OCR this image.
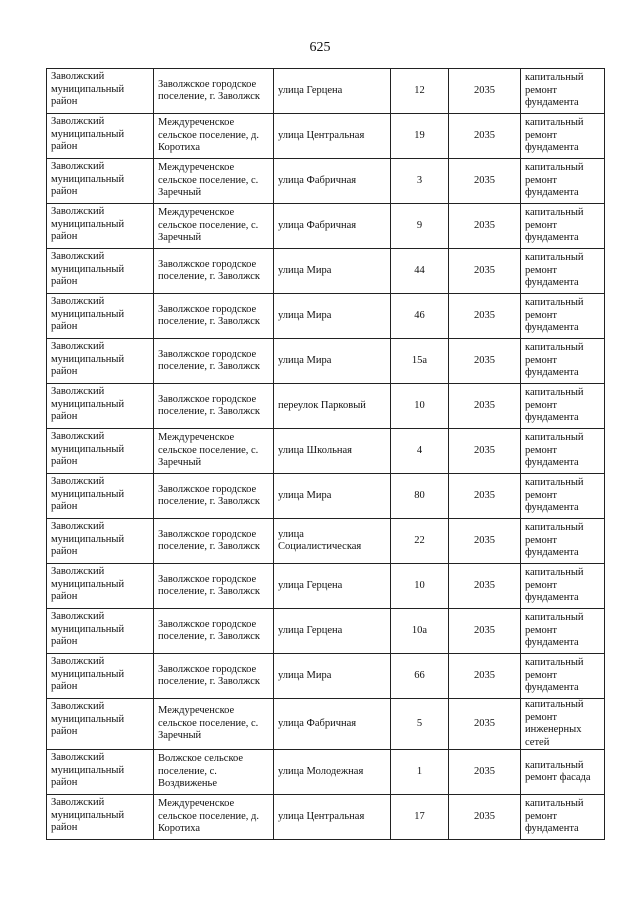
625
Заволжский муниципальный район	Заволжское городское поселение, г. Заволжск	улица Герцена	12	2035	капитальный ремонт фундамента
Заволжский муниципальный район	Междуреченское сельское поселение, д. Коротиха	улица Центральная	19	2035	капитальный ремонт фундамента
Заволжский муниципальный район	Междуреченское сельское поселение, с. Заречный	улица Фабричная	3	2035	капитальный ремонт фундамента
Заволжский муниципальный район	Междуреченское сельское поселение, с. Заречный	улица Фабричная	9	2035	капитальный ремонт фундамента
Заволжский муниципальный район	Заволжское городское поселение, г. Заволжск	улица Мира	44	2035	капитальный ремонт фундамента
Заволжский муниципальный район	Заволжское городское поселение, г. Заволжск	улица Мира	46	2035	капитальный ремонт фундамента
Заволжский муниципальный район	Заволжское городское поселение, г. Заволжск	улица Мира	15а	2035	капитальный ремонт фундамента
Заволжский муниципальный район	Заволжское городское поселение, г. Заволжск	переулок Парковый	10	2035	капитальный ремонт фундамента
Заволжский муниципальный район	Междуреченское сельское поселение, с. Заречный	улица Школьная	4	2035	капитальный ремонт фундамента
Заволжский муниципальный район	Заволжское городское поселение, г. Заволжск	улица Мира	80	2035	капитальный ремонт фундамента
Заволжский муниципальный район	Заволжское городское поселение, г. Заволжск	улица Социалистическая	22	2035	капитальный ремонт фундамента
Заволжский муниципальный район	Заволжское городское поселение, г. Заволжск	улица Герцена	10	2035	капитальный ремонт фундамента
Заволжский муниципальный район	Заволжское городское поселение, г. Заволжск	улица Герцена	10а	2035	капитальный ремонт фундамента
Заволжский муниципальный район	Заволжское городское поселение, г. Заволжск	улица Мира	66	2035	капитальный ремонт фундамента
Заволжский муниципальный район	Междуреченское сельское поселение, с. Заречный	улица Фабричная	5	2035	капитальный ремонт инженерных сетей
Заволжский муниципальный район	Волжское сельское поселение, с. Воздвиженье	улица Молодежная	1	2035	капитальный ремонт фасада
Заволжский муниципальный район	Междуреченское сельское поселение, д. Коротиха	улица Центральная	17	2035	капитальный ремонт фундамента
